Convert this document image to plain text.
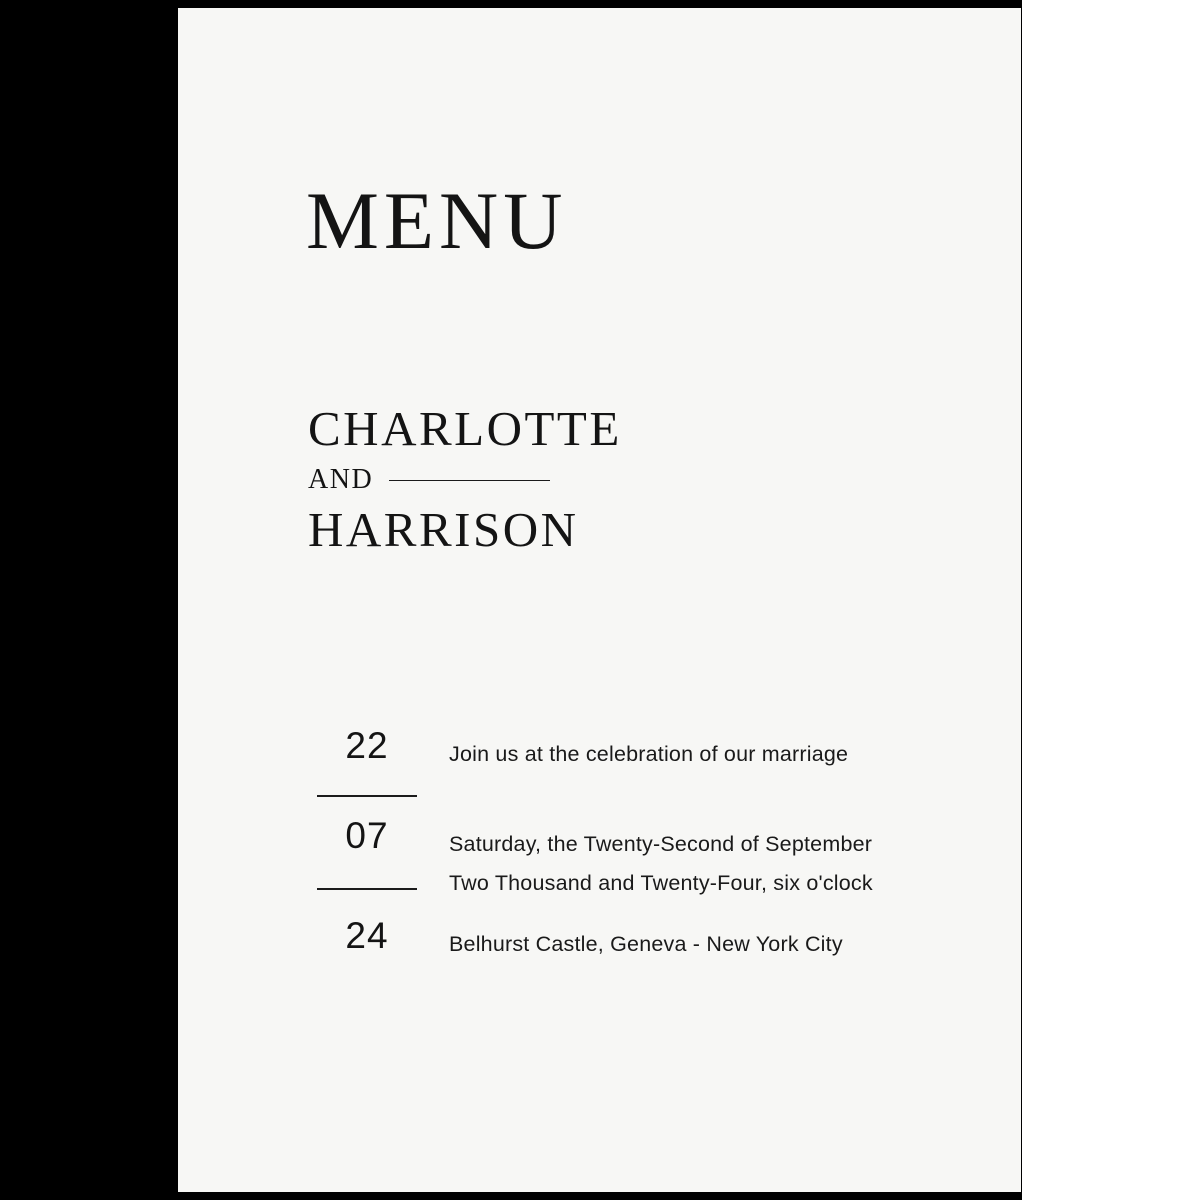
MENU
CHARLOTTE
AND
HARRISON
22	Join us at the celebration of our marriage
07	Saturday, the Twenty-Second of September
Two Thousand and Twenty-Four, six o'clock
24	Belhurst Castle, Geneva - New York City
